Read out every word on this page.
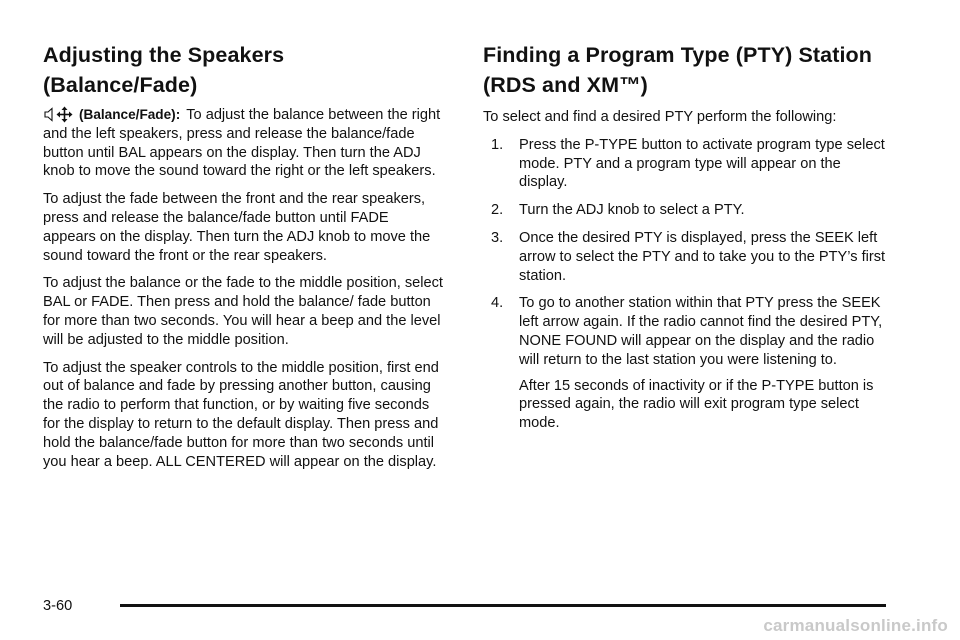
Adjusting the Speakers (Balance/Fade)

(Balance/Fade): To adjust the balance between the right and the left speakers, press and release the balance/fade button until BAL appears on the display. Then turn the ADJ knob to move the sound toward the right or the left speakers.

To adjust the fade between the front and the rear speakers, press and release the balance/fade button until FADE appears on the display. Then turn the ADJ knob to move the sound toward the front or the rear speakers.

To adjust the balance or the fade to the middle position, select BAL or FADE. Then press and hold the balance/ fade button for more than two seconds. You will hear a beep and the level will be adjusted to the middle position.

To adjust the speaker controls to the middle position, first end out of balance and fade by pressing another button, causing the radio to perform that function, or by waiting five seconds for the display to return to the default display. Then press and hold the balance/fade button for more than two seconds until you hear a beep. ALL CENTERED will appear on the display.

Finding a Program Type (PTY) Station (RDS and XM™)

To select and find a desired PTY perform the following:

1. Press the P-TYPE button to activate program type select mode. PTY and a program type will appear on the display.
2. Turn the ADJ knob to select a PTY.
3. Once the desired PTY is displayed, press the SEEK left arrow to select the PTY and to take you to the PTY’s first station.
4. To go to another station within that PTY press the SEEK left arrow again. If the radio cannot find the desired PTY, NONE FOUND will appear on the display and the radio will return to the last station you were listening to.

After 15 seconds of inactivity or if the P-TYPE button is pressed again, the radio will exit program type select mode.

3-60
carmanualsonline.info
